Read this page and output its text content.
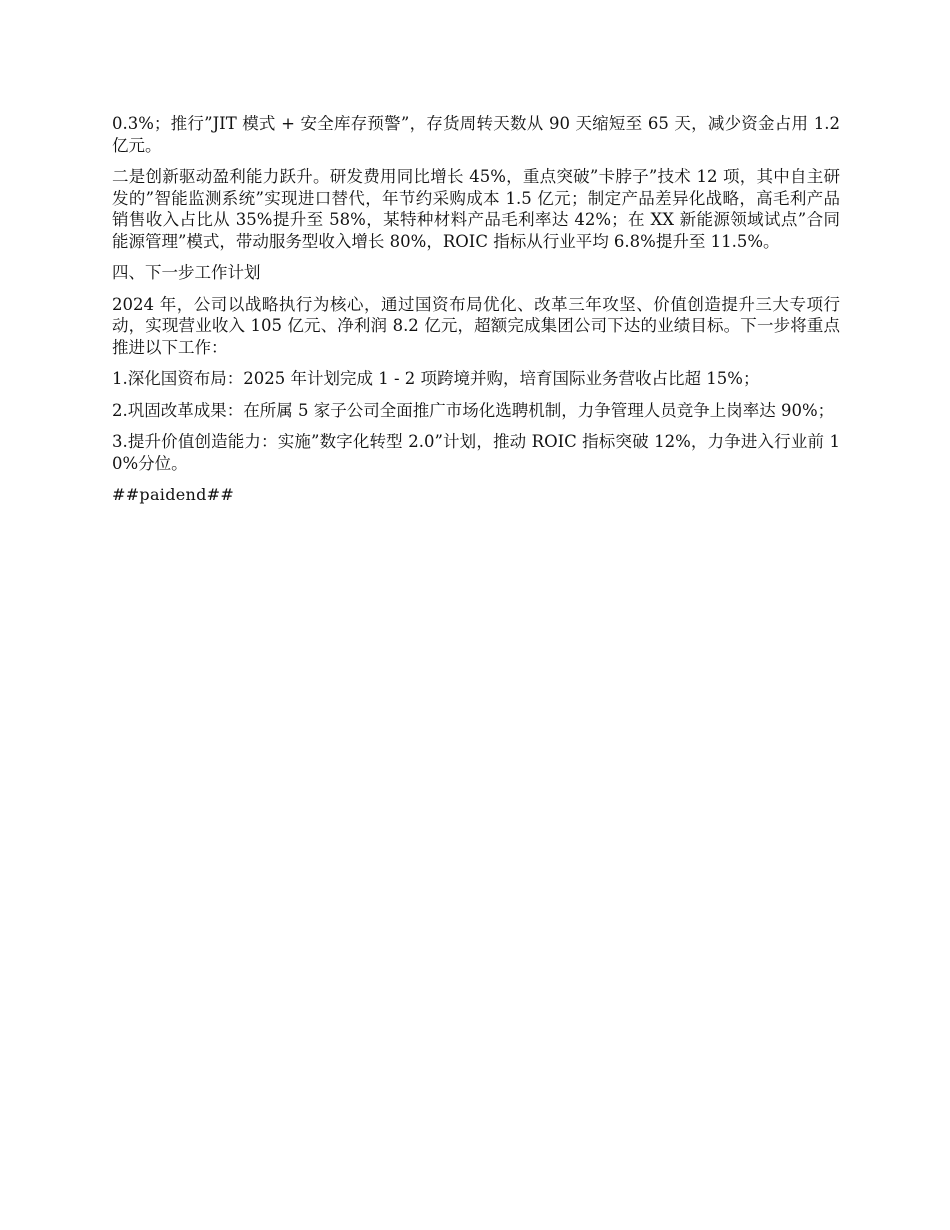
0.3%；推行”JIT 模式 + 安全库存预警”，存货周转天数从 90 天缩短至 65 天，减少资金占用 1.2 亿元。

二是创新驱动盈利能力跃升。研发费用同比增长 45%，重点突破”卡脖子”技术 12 项，其中自主研发的”智能监测系统”实现进口替代，年节约采购成本 1.5 亿元；制定产品差异化战略，高毛利产品销售收入占比从 35%提升至 58%，某特种材料产品毛利率达 42%；在 XX 新能源领域试点”合同能源管理”模式，带动服务型收入增长 80%，ROIC 指标从行业平均 6.8%提升至 11.5%。

四、下一步工作计划

2024 年，公司以战略执行为核心，通过国资布局优化、改革三年攻坚、价值创造提升三大专项行动，实现营业收入 105 亿元、净利润 8.2 亿元，超额完成集团公司下达的业绩目标。下一步将重点推进以下工作：

1.深化国资布局：2025 年计划完成 1 - 2 项跨境并购，培育国际业务营收占比超 15%；

2.巩固改革成果：在所属 5 家子公司全面推广市场化选聘机制，力争管理人员竞争上岗率达 90%；

3.提升价值创造能力：实施”数字化转型 2.0”计划，推动 ROIC 指标突破 12%，力争进入行业前 10%分位。

##paidend##
